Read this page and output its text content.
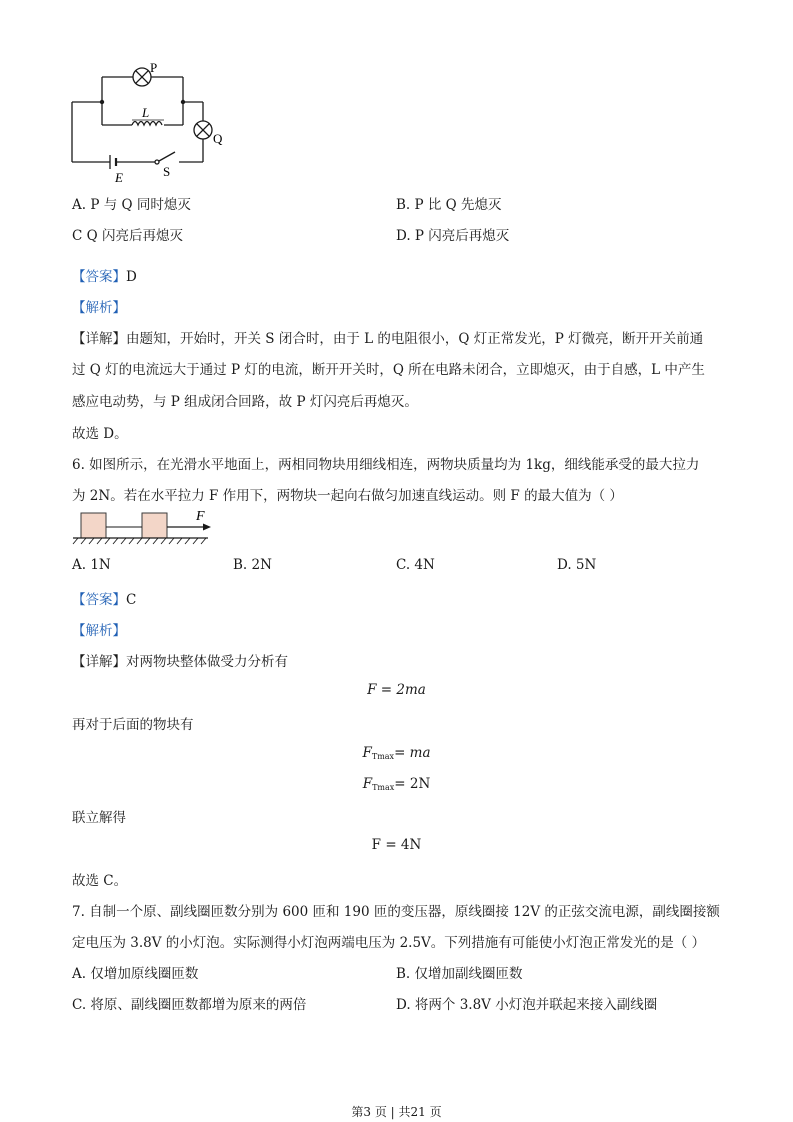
P
L
Q
S
E
A. P 与 Q 同时熄灭	B. P 比 Q 先熄灭
C Q 闪亮后再熄灭	D. P 闪亮后再熄灭
【答案】D
【解析】
【详解】由题知，开始时，开关 S 闭合时，由于 L 的电阻很小，Q 灯正常发光，P 灯微亮，断开开关前通
过 Q 灯的电流远大于通过 P 灯的电流，断开开关时，Q 所在电路未闭合，立即熄灭，由于自感，L 中产生
感应电动势，与 P 组成闭合回路，故 P 灯闪亮后再熄灭。
故选 D。
6. 如图所示，在光滑水平地面上，两相同物块用细线相连，两物块质量均为 1kg，细线能承受的最大拉力
为 2N。若在水平拉力 F 作用下，两物块一起向右做匀加速直线运动。则 F 的最大值为（ ）
F
A. 1N	B. 2N	C. 4N	D. 5N
【答案】C
【解析】
【详解】对两物块整体做受力分析有
F = 2ma
再对于后面的物块有
$F_{Tmax}=$ ma
$F_{Tmax}= 2N$
联立解得
F = 4N
故选 C。
7. 自制一个原、副线圈匝数分别为 600 匝和 190 匝的变压器，原线圈接 12V 的正弦交流电源，副线圈接额
定电压为 3.8V 的小灯泡。实际测得小灯泡两端电压为 2.5V。下列措施有可能使小灯泡正常发光的是（ ）
A. 仅增加原线圈匝数	B. 仅增加副线圈匝数
C. 将原、副线圈匝数都增为原来的两倍	D. 将两个 3.8V 小灯泡并联起来接入副线圈
第3 页 | 共21 页
